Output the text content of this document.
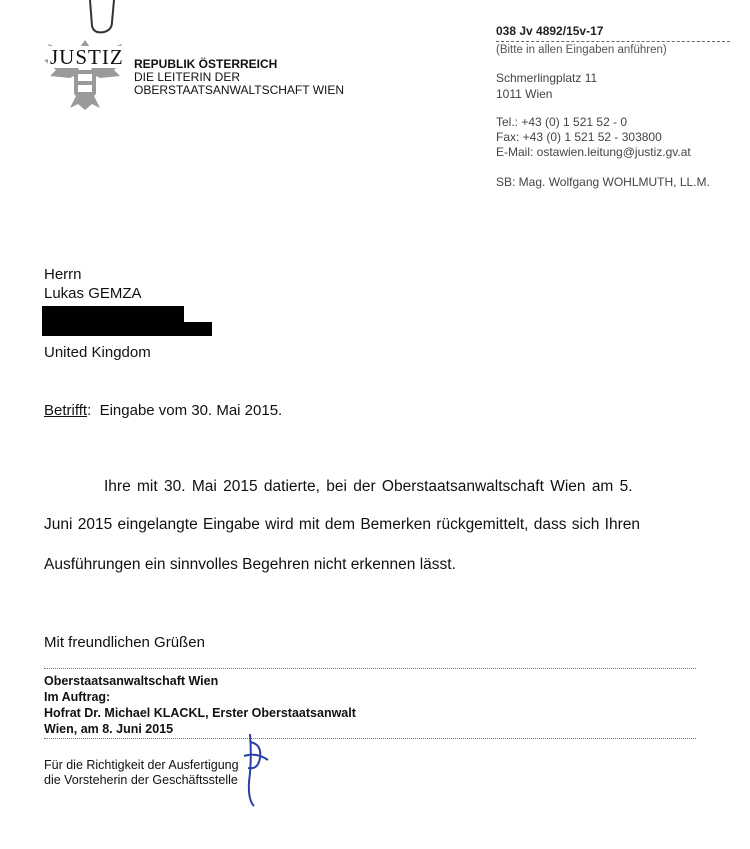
JUSTIZ REPUBLIK ÖSTERREICH
DIE LEITERIN DER
OBERSTAATSANWALTSCHAFT WIEN
038 Jv 4892/15v-17
(Bitte in allen Eingaben anführen)
Schmerlingplatz 11
1011 Wien
Tel.: +43 (0) 1 521 52 - 0
Fax: +43 (0) 1 521 52 - 303800
E-Mail: ostawien.leitung@justiz.gv.at
SB: Mag. Wolfgang WOHLMUTH, LL.M.
Herrn
Lukas GEMZA
United Kingdom
Betrifft:  Eingabe vom 30. Mai 2015.
Ihre mit 30. Mai 2015 datierte, bei der Oberstaatsanwaltschaft Wien am 5.
Juni 2015 eingelangte Eingabe wird mit dem Bemerken rückgemittelt, dass sich Ihren
Ausführungen ein sinnvolles Begehren nicht erkennen lässt.
Mit freundlichen Grüßen
Oberstaatsanwaltschaft Wien
Im Auftrag:
Hofrat Dr. Michael KLACKL, Erster Oberstaatsanwalt
Wien, am 8. Juni 2015
Für die Richtigkeit der Ausfertigung
die Vorsteherin der Geschäftsstelle
